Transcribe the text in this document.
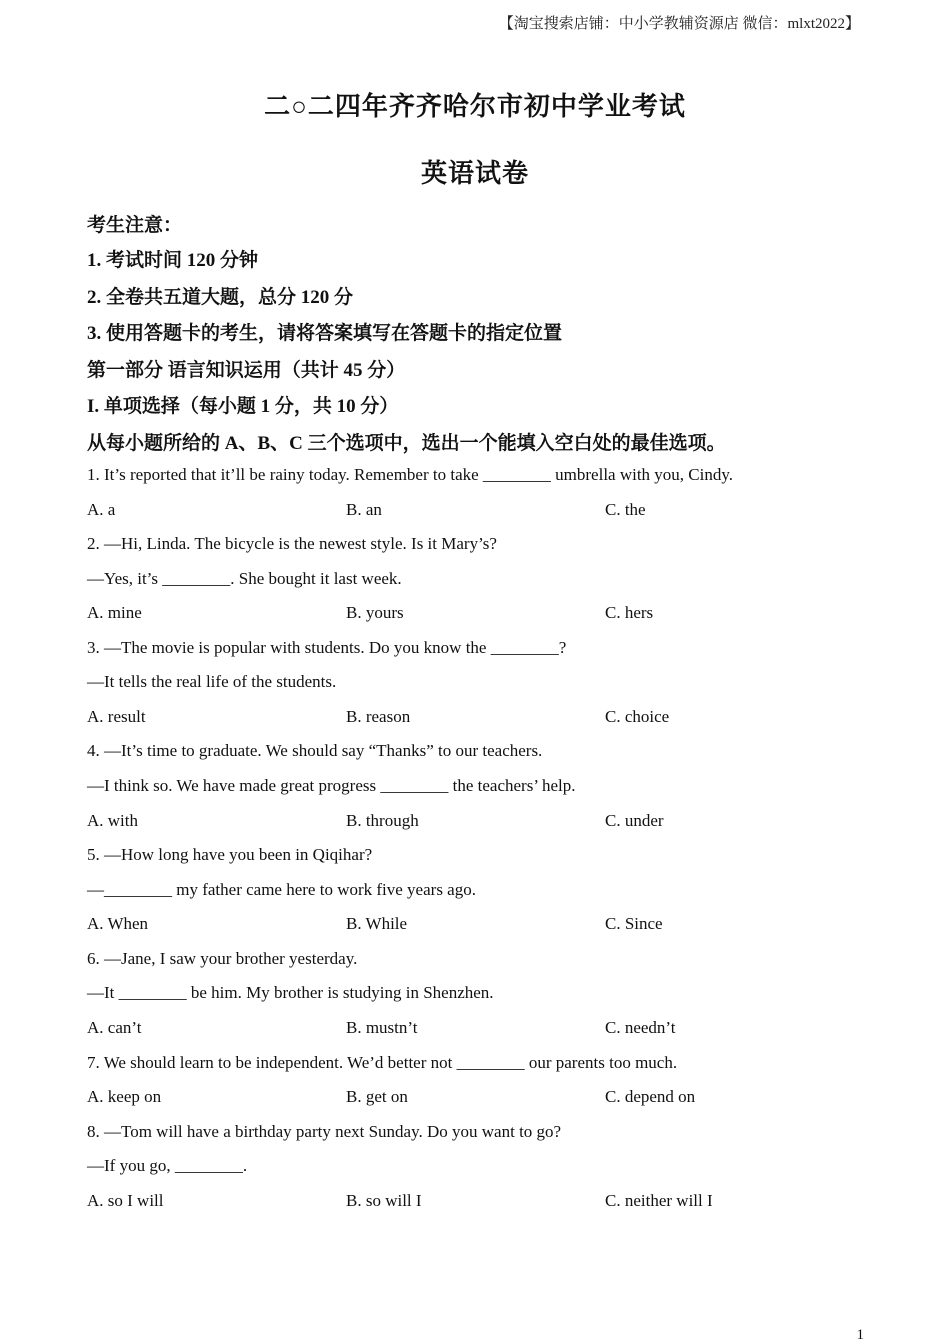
【淘宝搜索店铺：中小学教辅资源店 微信：mlxt2022】
二○二四年齐齐哈尔市初中学业考试
英语试卷
考生注意：
1. 考试时间 120 分钟
2. 全卷共五道大题，总分 120 分
3. 使用答题卡的考生，请将答案填写在答题卡的指定位置
第一部分 语言知识运用（共计 45 分）
I. 单项选择（每小题 1 分，共 10 分）
从每小题所给的 A、B、C 三个选项中，选出一个能填入空白处的最佳选项。
1. It’s reported that it’ll be rainy today. Remember to take ________ umbrella with you, Cindy.
A. a	B. an	C. the
2. —Hi, Linda. The bicycle is the newest style. Is it Mary’s?
—Yes, it’s ________. She bought it last week.
A. mine	B. yours	C. hers
3. —The movie is popular with students. Do you know the ________?
—It tells the real life of the students.
A. result	B. reason	C. choice
4. —It’s time to graduate. We should say “Thanks” to our teachers.
—I think so. We have made great progress ________ the teachers’ help.
A. with	B. through	C. under
5. —How long have you been in Qiqihar?
—________ my father came here to work five years ago.
A. When	B. While	C. Since
6. —Jane, I saw your brother yesterday.
—It ________ be him. My brother is studying in Shenzhen.
A. can’t	B. mustn’t	C. needn’t
7. We should learn to be independent. We’d better not ________ our parents too much.
A. keep on	B. get on	C. depend on
8. —Tom will have a birthday party next Sunday. Do you want to go?
—If you go, ________.
A. so I will	B. so will I	C. neither will I
1
